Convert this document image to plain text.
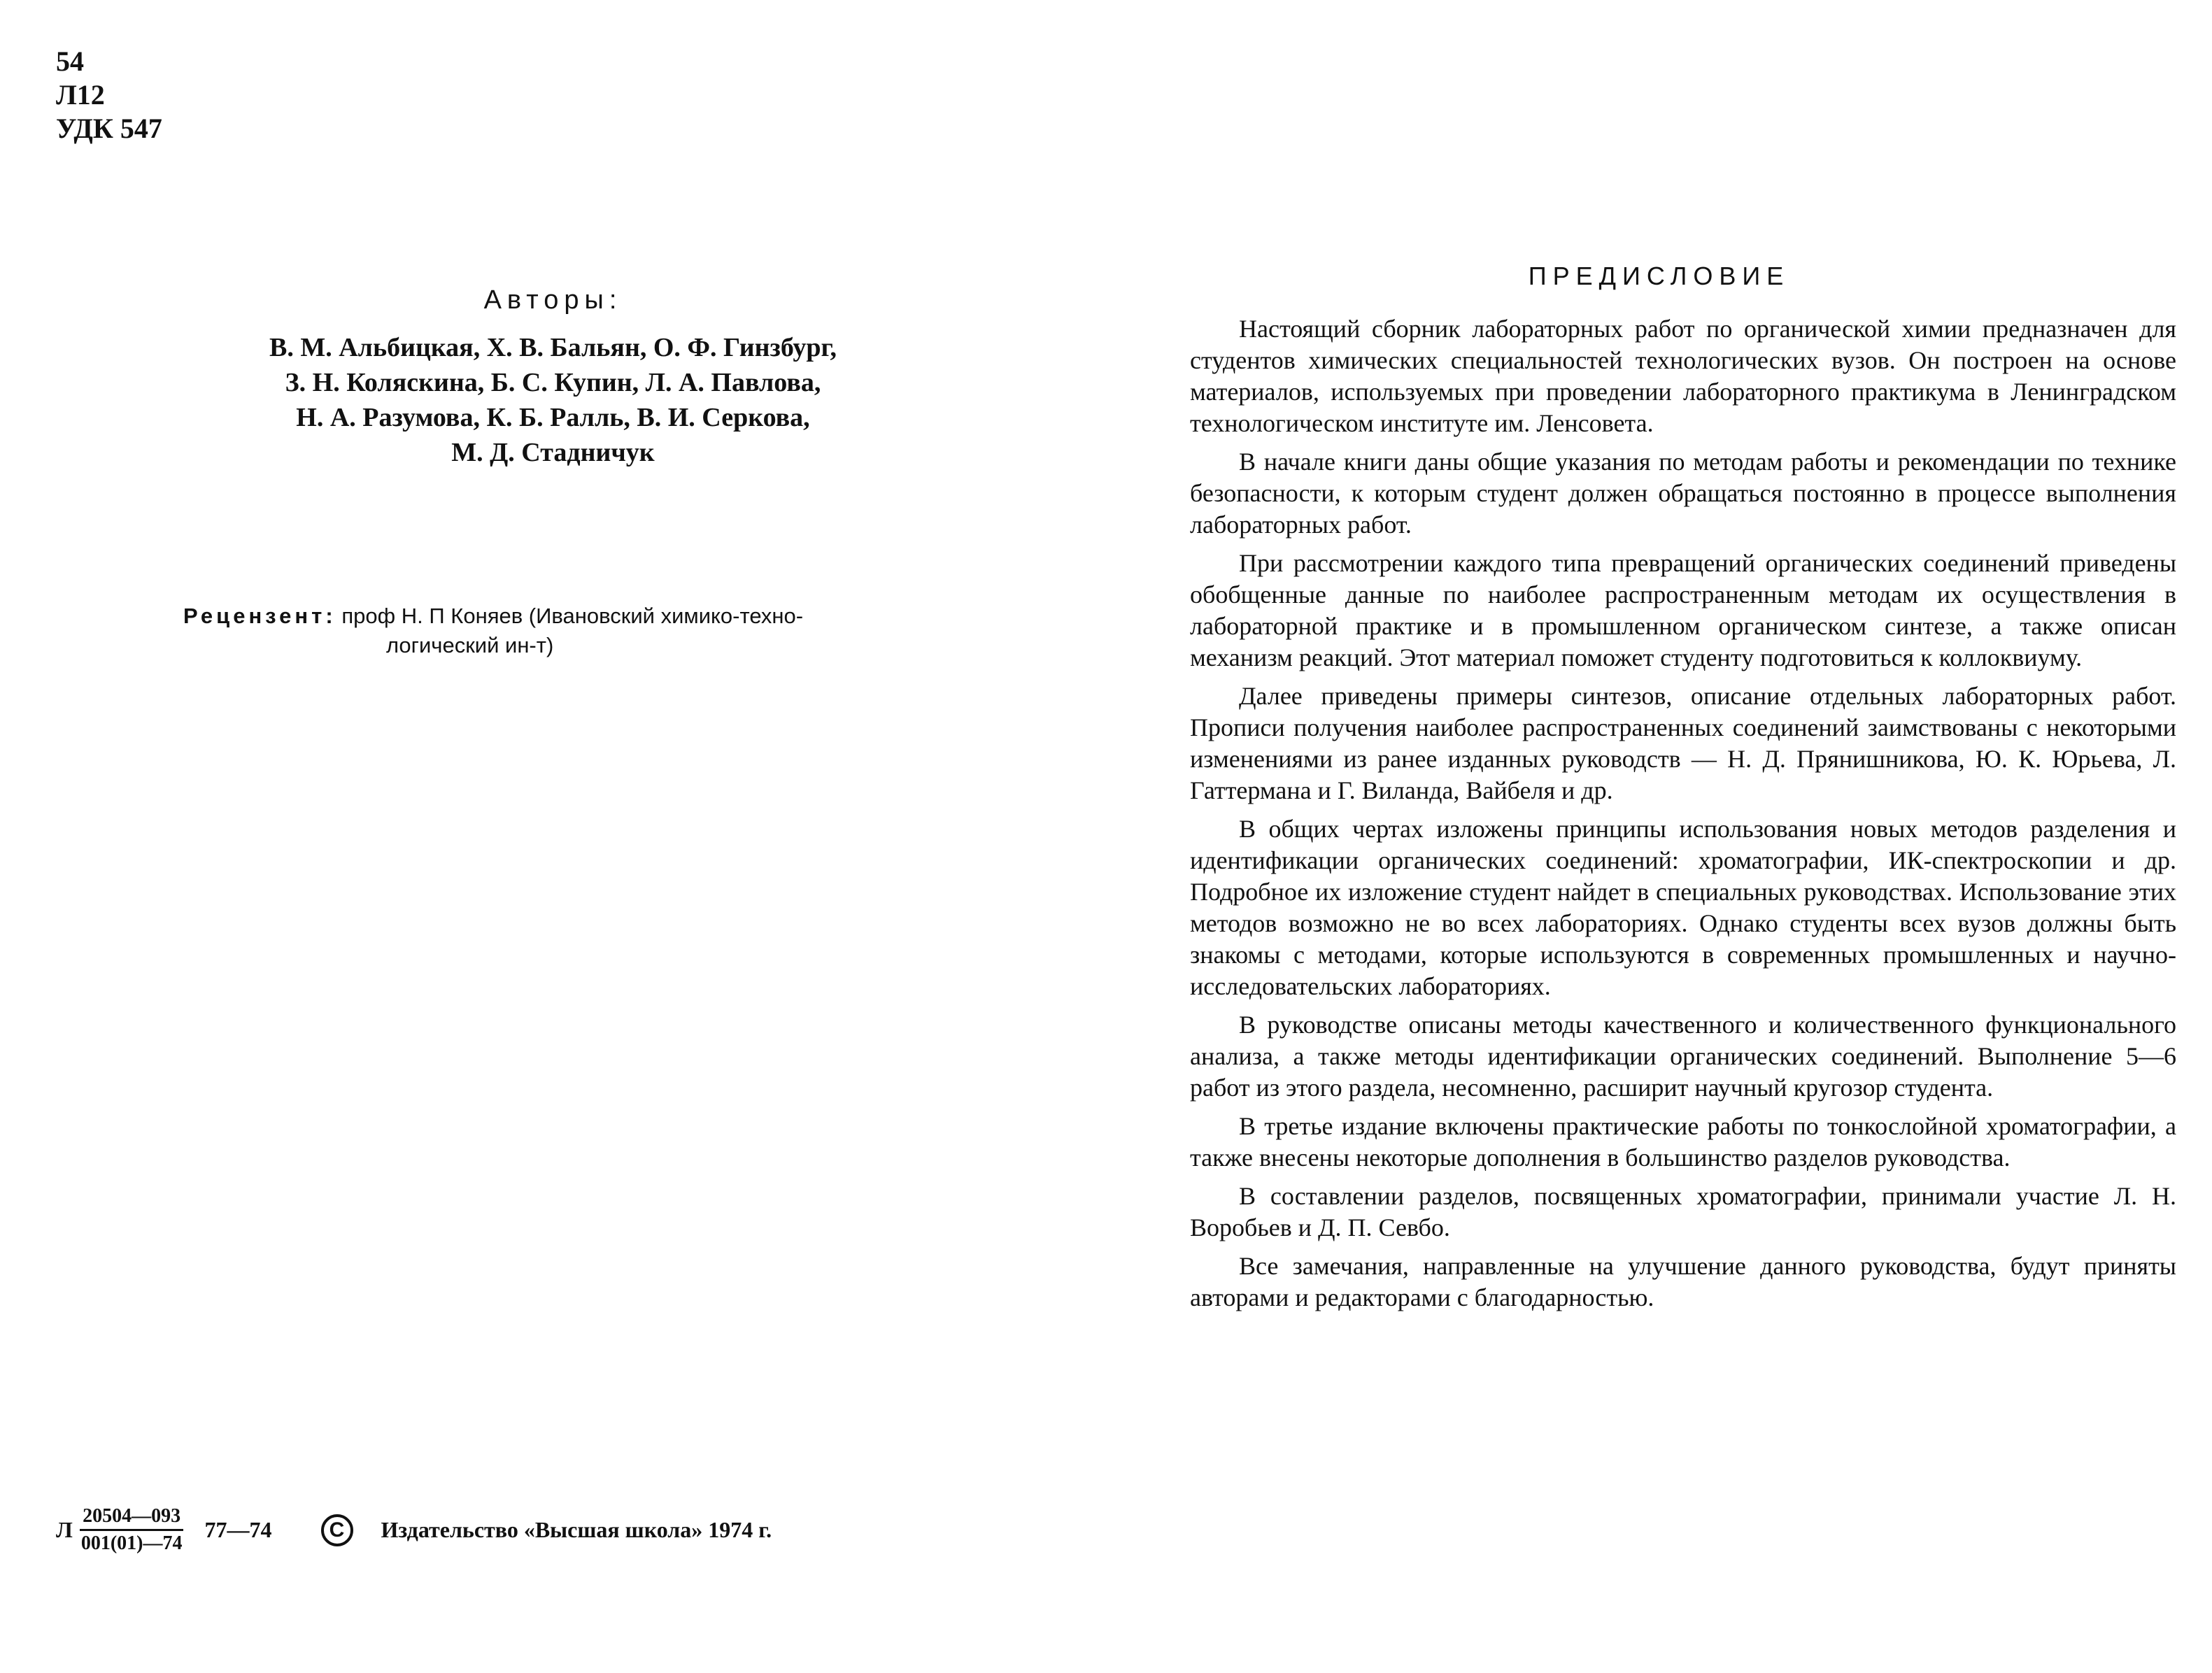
54
Л12
УДК 547
Авторы:
В. М. Альбицкая, Х. В. Бальян, О. Ф. Гинзбург,
З. Н. Коляскина, Б. С. Купин, Л. А. Павлова,
Н. А. Разумова, К. Б. Ралль, В. И. Серкова,
М. Д. Стадничук
Рецензент: проф Н. П Коняев (Ивановский химико-техно-
логический ин-т)
Л $\frac{20504—093}{001(01)—74}$ 77—74	C	Издательство «Высшая школа» 1974 г.
ПРЕДИСЛОВИЕ

Настоящий сборник лабораторных работ по органической химии предназначен для студентов химических специальностей технологических вузов. Он построен на основе материалов, используемых при проведении лабораторного практикума в Ленинградском технологическом институте им. Ленсовета.

В начале книги даны общие указания по методам работы и рекомендации по технике безопасности, к которым студент должен обращаться постоянно в процессе выполнения лабораторных работ.

При рассмотрении каждого типа превращений органических соединений приведены обобщенные данные по наиболее распространенным методам их осуществления в лабораторной практике и в промышленном органическом синтезе, а также описан механизм реакций. Этот материал поможет студенту подготовиться к коллоквиуму.

Далее приведены примеры синтезов, описание отдельных лабораторных работ. Прописи получения наиболее распространенных соединений заимствованы с некоторыми изменениями из ранее изданных руководств — Н. Д. Прянишникова, Ю. К. Юрьева, Л. Гаттермана и Г. Виланда, Вайбеля и др.

В общих чертах изложены принципы использования новых методов разделения и идентификации органических соединений: хроматографии, ИК-спектроскопии и др. Подробное их изложение студент найдет в специальных руководствах. Использование этих методов возможно не во всех лабораториях. Однако студенты всех вузов должны быть знакомы с методами, которые используются в современных промышленных и научно-исследовательских лабораториях.

В руководстве описаны методы качественного и количественного функционального анализа, а также методы идентификации органических соединений. Выполнение 5—6 работ из этого раздела, несомненно, расширит научный кругозор студента.

В третье издание включены практические работы по тонкослойной хроматографии, а также внесены некоторые дополнения в большинство разделов руководства.

В составлении разделов, посвященных хроматографии, принимали участие Л. Н. Воробьев и Д. П. Севбо.

Все замечания, направленные на улучшение данного руководства, будут приняты авторами и редакторами с благодарностью.
